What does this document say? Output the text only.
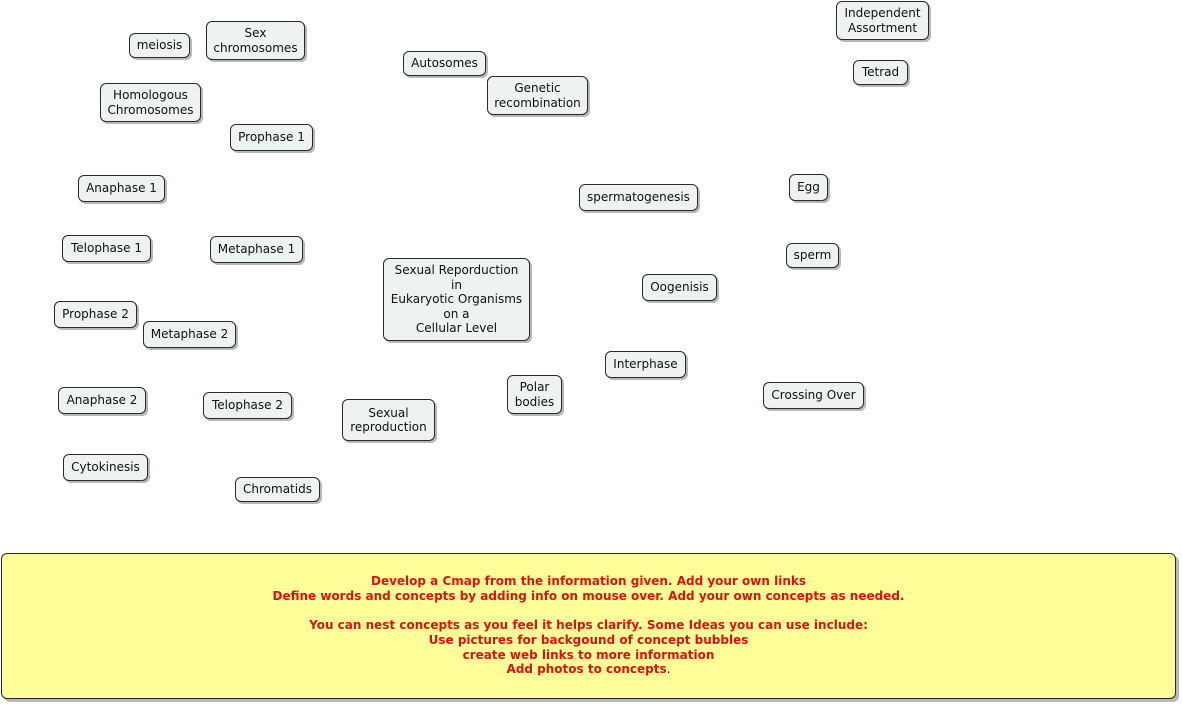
meiosis
Sex
chromosomes
Homologous
Chromosomes
Prophase 1
Anaphase 1
Telophase 1	Metaphase 1
Prophase 2
Metaphase 2
Anaphase 2	Telophase 2
Cytokinesis
Chromatids
Sexual
reproduction
Autosomes
Genetic
recombination
Sexual Reporduction
in
Eukaryotic Organisms
on a
Cellular Level
Polar
bodies
spermatogenesis
Oogenisis
Interphase
Independent
Assortment
Tetrad
Egg
sperm
Crossing Over
Develop a Cmap from the information given. Add your own links
Define words and concepts by adding info on mouse over. Add your own concepts as needed.
You can nest concepts as you feel it helps clarify. Some Ideas you can use include:
Use pictures for backgound of concept bubbles
create web links to more information
Add photos to concepts.
